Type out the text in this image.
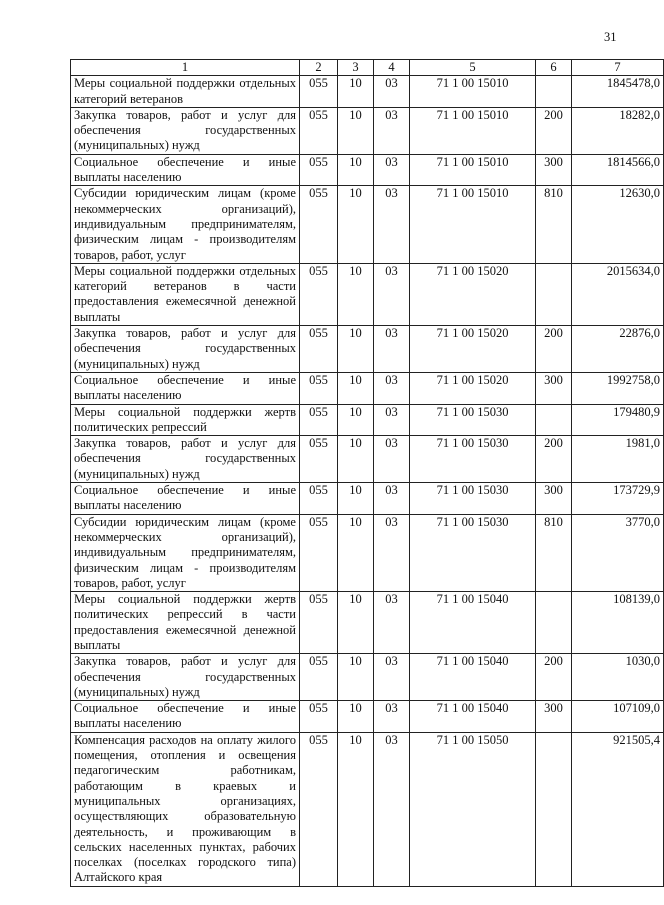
31
1	2	3	4	5	6	7
Меры социальной поддержки отдельных категорий ветеранов	055	10	03	71 1 00 15010		1845478,0
Закупка товаров, работ и услуг для обеспечения государственных (муниципальных) нужд	055	10	03	71 1 00 15010	200	18282,0
Социальное обеспечение и иные выплаты населению	055	10	03	71 1 00 15010	300	1814566,0
Субсидии юридическим лицам (кроме некоммерческих организаций), индивидуальным предпринимателям, физическим лицам - производителям товаров, работ, услуг	055	10	03	71 1 00 15010	810	12630,0
Меры социальной поддержки отдельных категорий ветеранов в части предоставления ежемесячной денежной выплаты	055	10	03	71 1 00 15020		2015634,0
Закупка товаров, работ и услуг для обеспечения государственных (муниципальных) нужд	055	10	03	71 1 00 15020	200	22876,0
Социальное обеспечение и иные выплаты населению	055	10	03	71 1 00 15020	300	1992758,0
Меры социальной поддержки жертв политических репрессий	055	10	03	71 1 00 15030		179480,9
Закупка товаров, работ и услуг для обеспечения государственных (муниципальных) нужд	055	10	03	71 1 00 15030	200	1981,0
Социальное обеспечение и иные выплаты населению	055	10	03	71 1 00 15030	300	173729,9
Субсидии юридическим лицам (кроме некоммерческих организаций), индивидуальным предпринимателям, физическим лицам - производителям товаров, работ, услуг	055	10	03	71 1 00 15030	810	3770,0
Меры социальной поддержки жертв политических репрессий в части предоставления ежемесячной денежной выплаты	055	10	03	71 1 00 15040		108139,0
Закупка товаров, работ и услуг для обеспечения государственных (муниципальных) нужд	055	10	03	71 1 00 15040	200	1030,0
Социальное обеспечение и иные выплаты населению	055	10	03	71 1 00 15040	300	107109,0
Компенсация расходов на оплату жилого помещения, отопления и освещения педагогическим работникам, работающим в краевых и муниципальных организациях, осуществляющих образовательную деятельность, и проживающим в сельских населенных пунктах, рабочих поселках (поселках городского типа) Алтайского края	055	10	03	71 1 00 15050		921505,4
